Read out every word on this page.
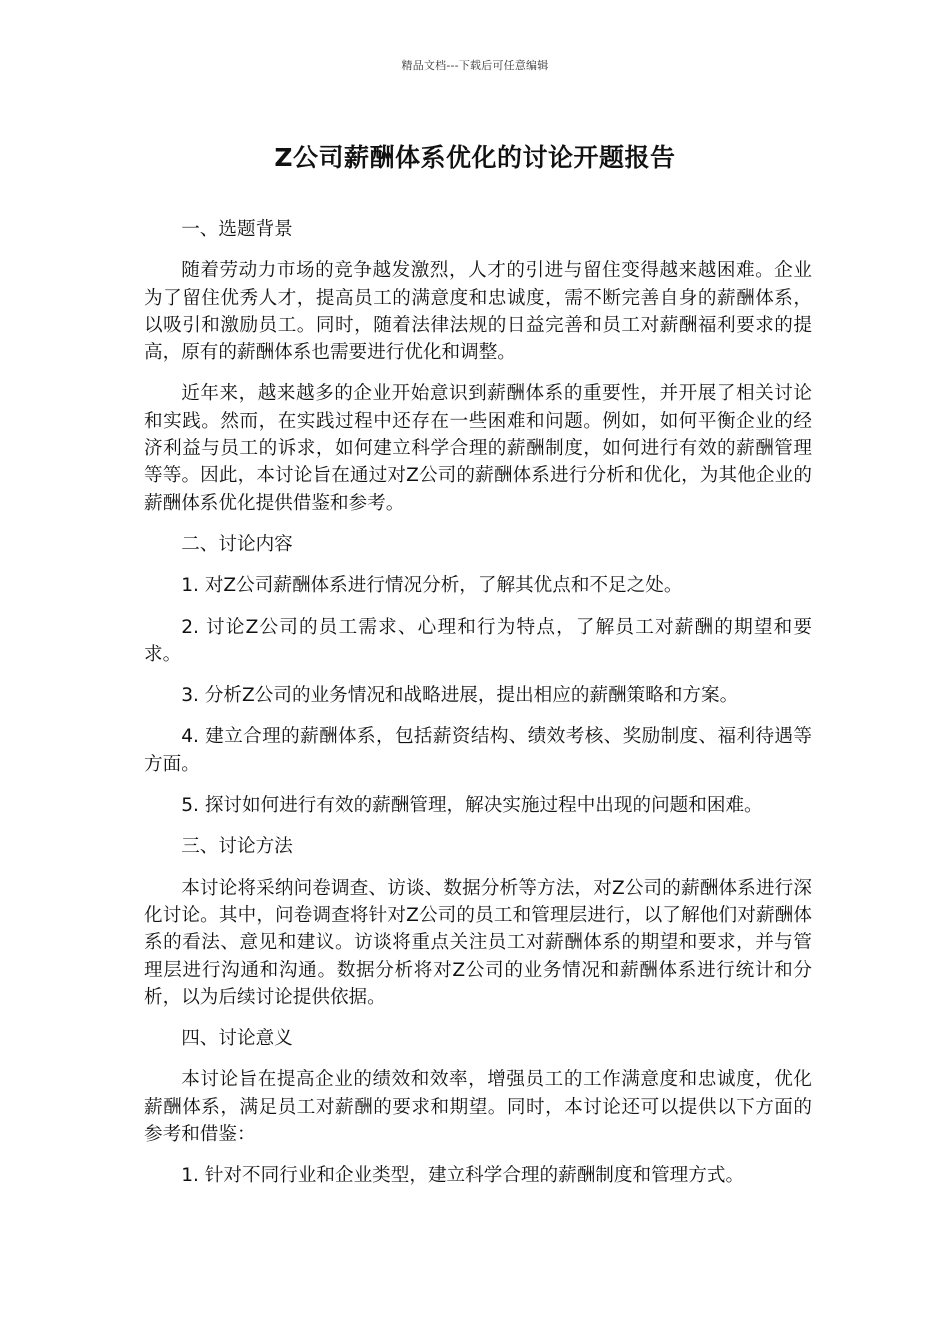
精品文档---下载后可任意编辑
Z公司薪酬体系优化的讨论开题报告
一、选题背景

随着劳动力市场的竞争越发激烈，人才的引进与留住变得越来越困难。企业为了留住优秀人才，提高员工的满意度和忠诚度，需不断完善自身的薪酬体系，以吸引和激励员工。同时，随着法律法规的日益完善和员工对薪酬福利要求的提高，原有的薪酬体系也需要进行优化和调整。

近年来，越来越多的企业开始意识到薪酬体系的重要性，并开展了相关讨论和实践。然而，在实践过程中还存在一些困难和问题。例如，如何平衡企业的经济利益与员工的诉求，如何建立科学合理的薪酬制度，如何进行有效的薪酬管理等等。因此，本讨论旨在通过对Z公司的薪酬体系进行分析和优化，为其他企业的薪酬体系优化提供借鉴和参考。

二、讨论内容

1. 对Z公司薪酬体系进行情况分析，了解其优点和不足之处。

2. 讨论Z公司的员工需求、心理和行为特点，了解员工对薪酬的期望和要求。

3. 分析Z公司的业务情况和战略进展，提出相应的薪酬策略和方案。

4. 建立合理的薪酬体系，包括薪资结构、绩效考核、奖励制度、福利待遇等方面。

5. 探讨如何进行有效的薪酬管理，解决实施过程中出现的问题和困难。

三、讨论方法

本讨论将采纳问卷调查、访谈、数据分析等方法，对Z公司的薪酬体系进行深化讨论。其中，问卷调查将针对Z公司的员工和管理层进行，以了解他们对薪酬体系的看法、意见和建议。访谈将重点关注员工对薪酬体系的期望和要求，并与管理层进行沟通和沟通。数据分析将对Z公司的业务情况和薪酬体系进行统计和分析，以为后续讨论提供依据。

四、讨论意义

本讨论旨在提高企业的绩效和效率，增强员工的工作满意度和忠诚度，优化薪酬体系，满足员工对薪酬的要求和期望。同时，本讨论还可以提供以下方面的参考和借鉴：

1. 针对不同行业和企业类型，建立科学合理的薪酬制度和管理方式。
